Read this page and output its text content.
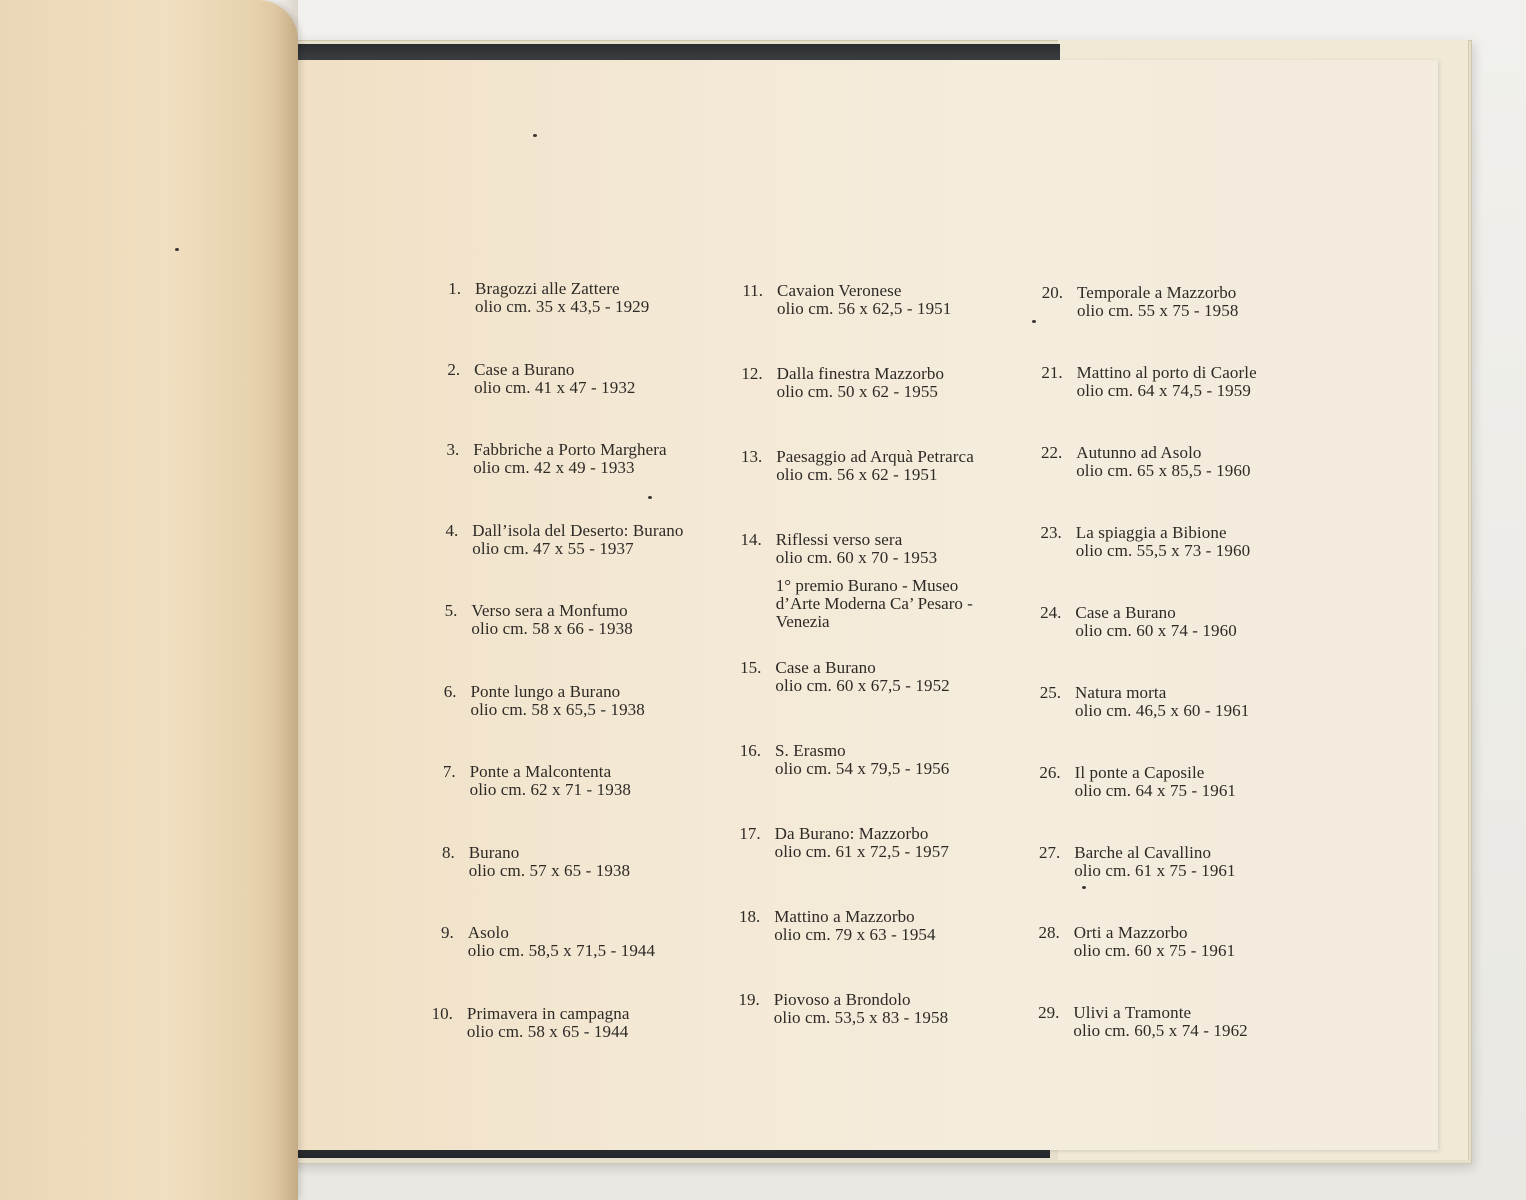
1. Bragozzi alle Zattere
olio cm. 35 x 43,5 - 1929
2. Case a Burano
olio cm. 41 x 47 - 1932
3. Fabbriche a Porto Marghera
olio cm. 42 x 49 - 1933
4. Dall’isola del Deserto: Burano
olio cm. 47 x 55 - 1937
5. Verso sera a Monfumo
olio cm. 58 x 66 - 1938
6. Ponte lungo a Burano
olio cm. 58 x 65,5 - 1938
7. Ponte a Malcontenta
olio cm. 62 x 71 - 1938
8. Burano
olio cm. 57 x 65 - 1938
9. Asolo
olio cm. 58,5 x 71,5 - 1944
10. Primavera in campagna
olio cm. 58 x 65 - 1944
11. Cavaion Veronese
olio cm. 56 x 62,5 - 1951
12. Dalla finestra Mazzorbo
olio cm. 50 x 62 - 1955
13. Paesaggio ad Arquà Petrarca
olio cm. 56 x 62 - 1951
14. Riflessi verso sera
olio cm. 60 x 70 - 1953
1° premio Burano - Museo d’Arte Moderna Ca’ Pesaro - Venezia
15. Case a Burano
olio cm. 60 x 67,5 - 1952
16. S. Erasmo
olio cm. 54 x 79,5 - 1956
17. Da Burano: Mazzorbo
olio cm. 61 x 72,5 - 1957
18. Mattino a Mazzorbo
olio cm. 79 x 63 - 1954
19. Piovoso a Brondolo
olio cm. 53,5 x 83 - 1958
20. Temporale a Mazzorbo
olio cm. 55 x 75 - 1958
21. Mattino al porto di Caorle
olio cm. 64 x 74,5 - 1959
22. Autunno ad Asolo
olio cm. 65 x 85,5 - 1960
23. La spiaggia a Bibione
olio cm. 55,5 x 73 - 1960
24. Case a Burano
olio cm. 60 x 74 - 1960
25. Natura morta
olio cm. 46,5 x 60 - 1961
26. Il ponte a Caposile
olio cm. 64 x 75 - 1961
27. Barche al Cavallino
olio cm. 61 x 75 - 1961
28. Orti a Mazzorbo
olio cm. 60 x 75 - 1961
29. Ulivi a Tramonte
olio cm. 60,5 x 74 - 1962
